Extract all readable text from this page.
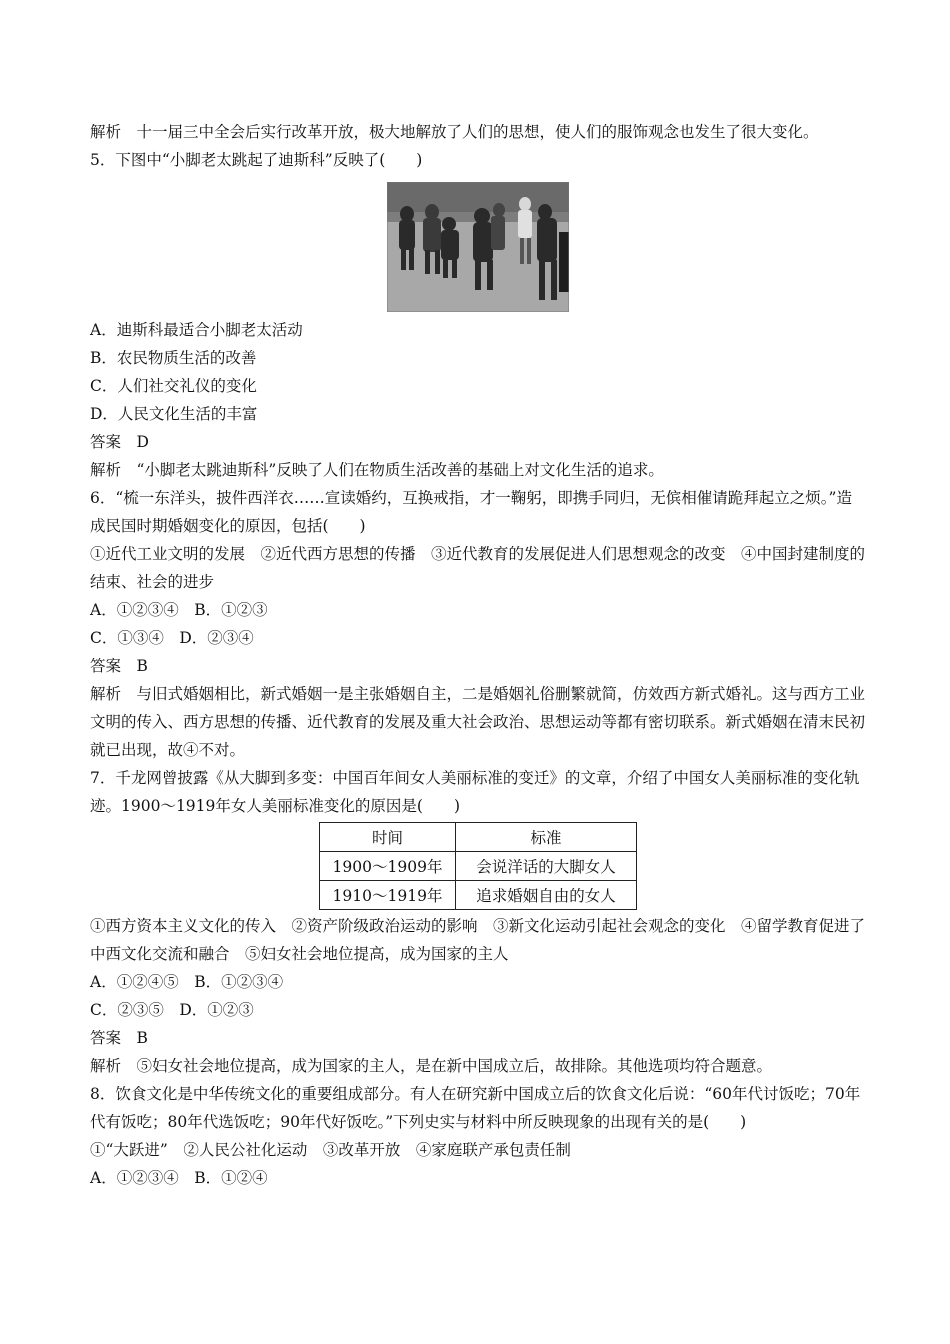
解析　十一届三中全会后实行改革开放，极大地解放了人们的思想，使人们的服饰观念也发生了很大变化。
5．下图中“小脚老太跳起了迪斯科”反映了(　　)
A．迪斯科最适合小脚老太活动
B．农民物质生活的改善
C．人们社交礼仪的变化
D．人民文化生活的丰富
答案　D
解析　“小脚老太跳迪斯科”反映了人们在物质生活改善的基础上对文化生活的追求。
6．“梳一东洋头，披件西洋衣……宣读婚约，互换戒指，才一鞠躬，即携手同归，无傧相催请跪拜起立之烦。”造成民国时期婚姻变化的原因，包括(　　)
①近代工业文明的发展　②近代西方思想的传播　③近代教育的发展促进人们思想观念的改变　④中国封建制度的结束、社会的进步
A．①②③④　B．①②③
C．①③④　D．②③④
答案　B
解析　与旧式婚姻相比，新式婚姻一是主张婚姻自主，二是婚姻礼俗删繁就简，仿效西方新式婚礼。这与西方工业文明的传入、西方思想的传播、近代教育的发展及重大社会政治、思想运动等都有密切联系。新式婚姻在清末民初就已出现，故④不对。
7．千龙网曾披露《从大脚到多变：中国百年间女人美丽标准的变迁》的文章，介绍了中国女人美丽标准的变化轨迹。1900～1919年女人美丽标准变化的原因是(　　)
时间	标准
1900～1909年	会说洋话的大脚女人
1910～1919年	追求婚姻自由的女人
①西方资本主义文化的传入　②资产阶级政治运动的影响　③新文化运动引起社会观念的变化　④留学教育促进了中西文化交流和融合　⑤妇女社会地位提高，成为国家的主人
A．①②④⑤　B．①②③④
C．②③⑤　D．①②③
答案　B
解析　⑤妇女社会地位提高，成为国家的主人，是在新中国成立后，故排除。其他选项均符合题意。
8．饮食文化是中华传统文化的重要组成部分。有人在研究新中国成立后的饮食文化后说：“60年代讨饭吃；70年代有饭吃；80年代选饭吃；90年代好饭吃。”下列史实与材料中所反映现象的出现有关的是(　　)
①“大跃进”　②人民公社化运动　③改革开放　④家庭联产承包责任制
A．①②③④　B．①②④
